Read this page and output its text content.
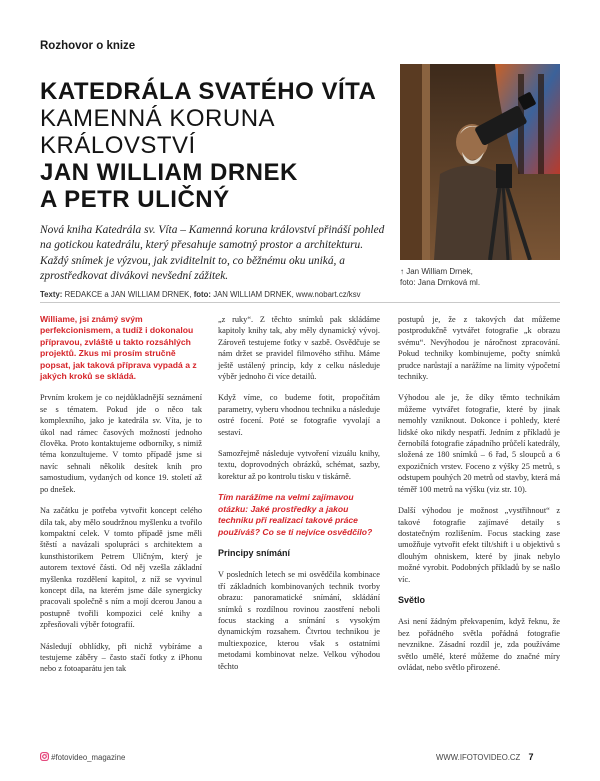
Rozhovor o knize
KATEDRÁLA SVATÉHO VÍTA
KAMENNÁ KORUNA
KRÁLOVSTVÍ
JAN WILLIAM DRNEK
A PETR ULIČNÝ
Nová kniha Katedrála sv. Víta – Kamenná koruna království přináší pohled na gotickou katedrálu, který přesahuje samotný prostor a architekturu. Každý snímek je výzvou, jak zviditelnit to, co běžnému oku uniká, a zprostředkovat divákovi nevšední zážitek.
Texty: REDAKCE a JAN WILLIAM DRNEK, foto: JAN WILLIAM DRNEK, www.nobart.cz/ksv
↑ Jan William Drnek,
foto: Jana Drnková ml.

Williame, jsi známý svým perfekcionismem, a tudíž i dokonalou přípravou, zvláště u takto rozsáhlých projektů. Zkus mi prosím stručně popsat, jak taková příprava vypadá a z jakých kroků se skládá.

Prvním krokem je co nejdůkladnější seznámení se s tématem. Pokud jde o něco tak komplexního, jako je katedrála sv. Víta, je to úkol nad rámec časových možností jednoho člověka. Proto kontaktujeme odborníky, s nimiž téma konzultujeme. V tomto případě jsme si navíc sehnali několik desítek knih pro samostudium, vydaných od konce 19. století až po dnešek.

Na začátku je potřeba vytvořit koncept celého díla tak, aby mělo soudržnou myšlenku a tvořilo kompaktní celek. V tomto případě jsme měli štěstí a navázali spolupráci s architektem a kunsthistorikem Petrem Uličným, který je autorem textové části. Od něj vzešla základní myšlenka rozdělení kapitol, z níž se vyvinul koncept díla, na kterém jsme dále synergicky pracovali společně s ním a mojí dcerou Janou a postupně tvořili kompozici celé knihy a zpřesňovali výběr fotografií.

Následují obhlídky, při nichž vybíráme a testujeme záběry – často stačí fotky z iPhonu nebo z fotoaparátu jen tak

„z ruky“. Z těchto snímků pak skládáme kapitoly knihy tak, aby měly dynamický vývoj. Zároveň testujeme fotky v sazbě. Osvědčuje se nám držet se pravidel filmového střihu. Máme ještě ustálený princip, kdy z celku následuje výběr jednoho či více detailů.

Když víme, co budeme fotit, propočítám parametry, vyberu vhodnou techniku a následuje ostré focení. Poté se fotografie vyvolají a sestaví.

Samozřejmě následuje vytvoření vizuálu knihy, textu, doprovodných obrázků, schémat, sazby, korektur až po kontrolu tisku v tiskárně.

Tím narážíme na velmi zajímavou otázku: Jaké prostředky a jakou techniku při realizaci takové práce používáš? Co se ti nejvíce osvědčilo?

Principy snímání

V posledních letech se mi osvědčila kombinace tří základních kombinovaných technik tvorby obrazu: panoramatické snímání, skládání snímků s rozdílnou rovinou zaostření neboli focus stacking a snímání s vysokým dynamickým rozsahem. Čtvrtou technikou je multiexpozice, kterou však s ostatními metodami kombinovat nelze. Velkou výhodou těchto

postupů je, že z takových dat můžeme postprodukčně vytvářet fotografie „k obrazu svému“. Nevýhodou je náročnost zpracování. Pokud techniky kombinujeme, počty snímků prudce narůstají a narážíme na limity výpočetní techniky.

Výhodou ale je, že díky těmto technikám můžeme vytvářet fotografie, které by jinak nemohly vzniknout. Dokonce i pohledy, které lidské oko nikdy nespatří. Jedním z příkladů je černobílá fotografie západního průčelí katedrály, složená ze 180 snímků – 6 řad, 5 sloupců a 6 expozičních vrstev. Foceno z výšky 25 metrů, s odstupem pouhých 20 metrů od stavby, která má téměř 100 metrů na výšku (viz str. 10).

Další výhodou je možnost „vystřihnout“ z takové fotografie zajímavé detaily s dostatečným rozlišením. Focus stacking zase umožňuje vytvořit efekt tilt/shift i u objektivů s dlouhým ohniskem, které by jinak nebylo možné vyrobit. Podobných příkladů by se našlo víc.

Světlo

Asi není žádným překvapením, když řeknu, že bez pořádného světla pořádná fotografie nevznikne. Zásadní rozdíl je, zda používáme světlo umělé, které můžeme do značné míry ovládat, nebo světlo přirozené.

#fotovideo_magazine	WWW.IFOTOVIDEO.CZ 7
